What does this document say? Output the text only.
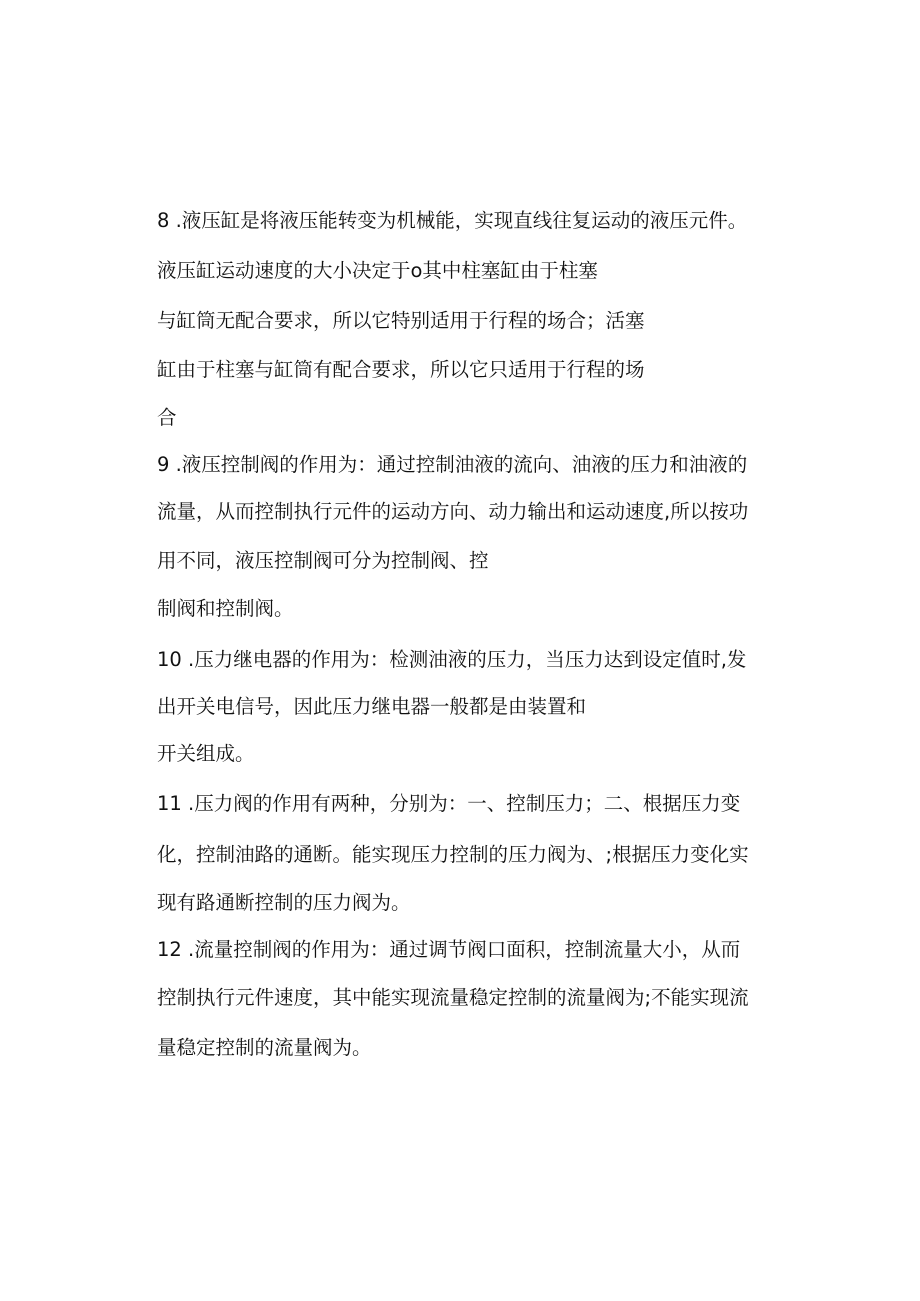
8 .液压缸是将液压能转变为机械能，实现直线往复运动的液压元件。
液压缸运动速度的大小决定于o其中柱塞缸由于柱塞
与缸筒无配合要求，所以它特别适用于行程的场合；活塞
缸由于柱塞与缸筒有配合要求，所以它只适用于行程的场
合
9 .液压控制阀的作用为：通过控制油液的流向、油液的压力和油液的
流量，从而控制执行元件的运动方向、动力输出和运动速度,所以按功
用不同，液压控制阀可分为控制阀、控
制阀和控制阀。
10 .压力继电器的作用为：检测油液的压力，当压力达到设定值时,发
出开关电信号，因此压力继电器一般都是由装置和
开关组成。
11 .压力阀的作用有两种，分别为：一、控制压力；二、根据压力变
化，控制油路的通断。能实现压力控制的压力阀为、;根据压力变化实
现有路通断控制的压力阀为。
12 .流量控制阀的作用为：通过调节阀口面积，控制流量大小，从而
控制执行元件速度，其中能实现流量稳定控制的流量阀为;不能实现流
量稳定控制的流量阀为。
